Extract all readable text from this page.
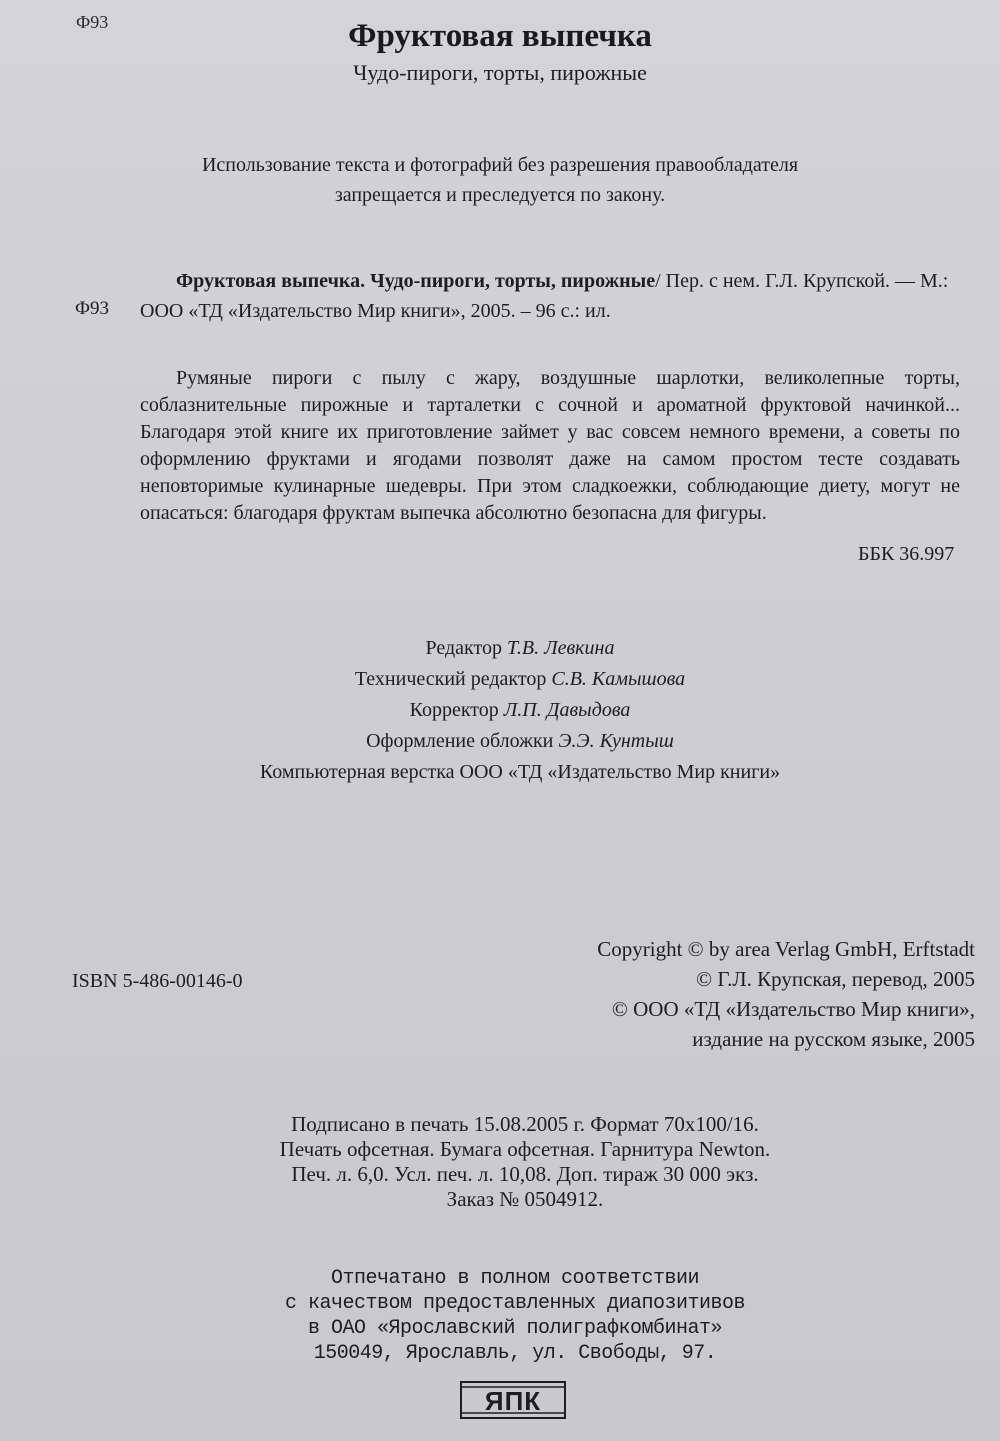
Ф93	Фруктовая выпечка
Чудо-пироги, торты, пирожные
Использование текста и фотографий без разрешения правообладателя
запрещается и преследуется по закону.
Ф93
Фруктовая выпечка. Чудо-пироги, торты, пирожные/ Пер. с нем. Г.Л. Крупской. — М.: ООО «ТД «Издательство Мир книги», 2005. – 96 с.: ил.
Румяные пироги с пылу с жару, воздушные шарлотки, великолепные торты, соблазнительные пирожные и тарталетки с сочной и ароматной фруктовой начинкой... Благодаря этой книге их приготовление займет у вас совсем немного времени, а советы по оформлению фруктами и ягодами позволят даже на самом простом тесте создавать неповторимые кулинарные шедевры. При этом сладкоежки, соблюдающие диету, могут не опасаться: благодаря фруктам выпечка абсолютно безопасна для фигуры.
ББК 36.997
Редактор Т.В. Левкина
Технический редактор С.В. Камышова
Корректор Л.П. Давыдова
Оформление обложки Э.Э. Кунтыш
Компьютерная верстка ООО «ТД «Издательство Мир книги»
Copyright © by area Verlag GmbH, Erftstadt
© Г.Л. Крупская, перевод, 2005
© ООО «ТД «Издательство Мир книги»,
издание на русском языке, 2005
ISBN 5-486-00146-0
Подписано в печать 15.08.2005 г. Формат 70x100/16.
Печать офсетная. Бумага офсетная. Гарнитура Newton.
Печ. л. 6,0. Усл. печ. л. 10,08. Доп. тираж 30 000 экз.
Заказ № 0504912.
Отпечатано в полном соответствии
с качеством предоставленных диапозитивов
в ОАО «Ярославский полиграфкомбинат»
150049, Ярославль, ул. Свободы, 97.
ЯПК
